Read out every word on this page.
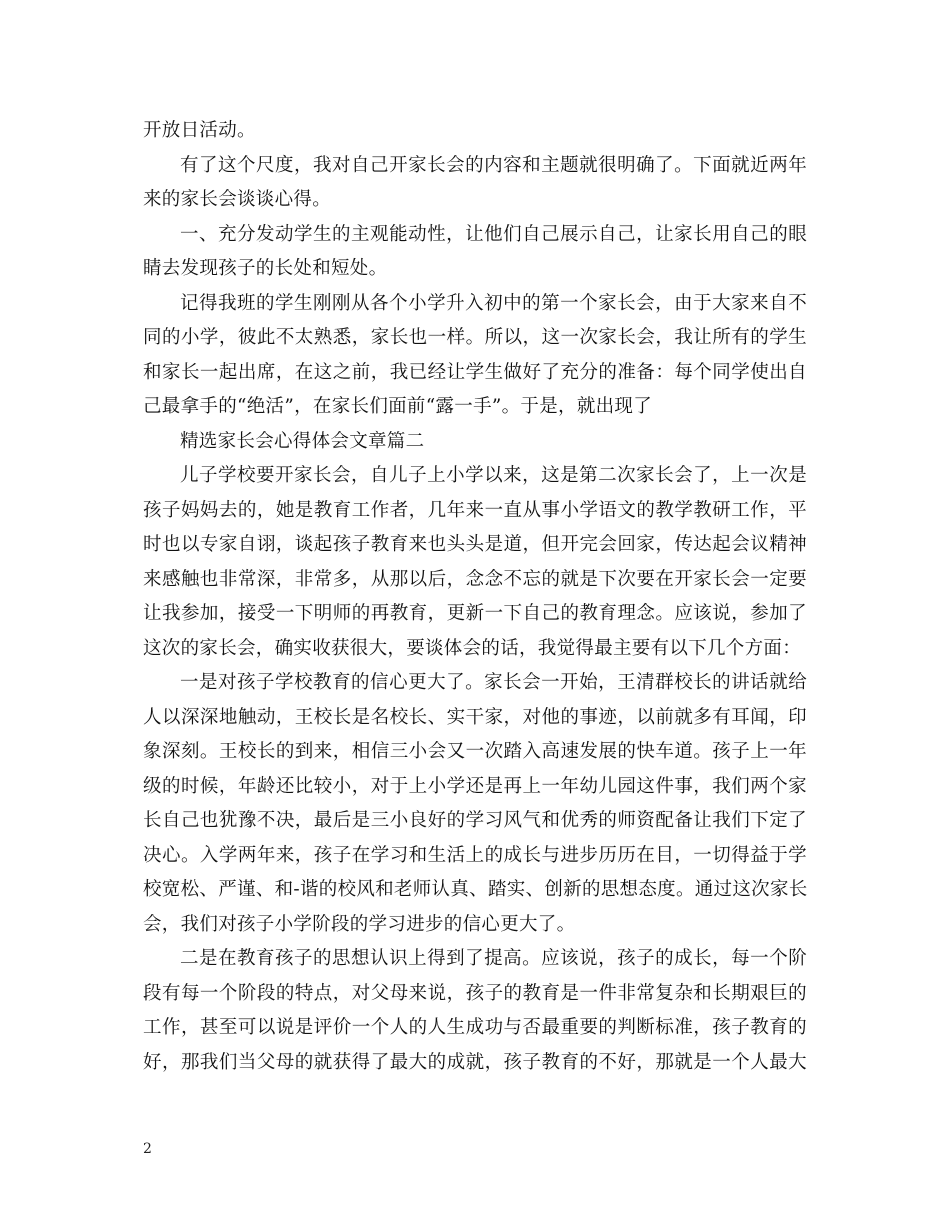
开放日活动。
有了这个尺度，我对自己开家长会的内容和主题就很明确了。下面就近两年
来的家长会谈谈心得。
一、充分发动学生的主观能动性，让他们自己展示自己，让家长用自己的眼
睛去发现孩子的长处和短处。
记得我班的学生刚刚从各个小学升入初中的第一个家长会，由于大家来自不
同的小学，彼此不太熟悉，家长也一样。所以，这一次家长会，我让所有的学生
和家长一起出席，在这之前，我已经让学生做好了充分的准备：每个同学使出自
己最拿手的“绝活”，在家长们面前“露一手”。于是，就出现了
精选家长会心得体会文章篇二
儿子学校要开家长会，自儿子上小学以来，这是第二次家长会了，上一次是
孩子妈妈去的，她是教育工作者，几年来一直从事小学语文的教学教研工作，平
时也以专家自诩，谈起孩子教育来也头头是道，但开完会回家，传达起会议精神
来感触也非常深，非常多，从那以后，念念不忘的就是下次要在开家长会一定要
让我参加，接受一下明师的再教育，更新一下自己的教育理念。应该说，参加了
这次的家长会，确实收获很大，要谈体会的话，我觉得最主要有以下几个方面：
一是对孩子学校教育的信心更大了。家长会一开始，王清群校长的讲话就给
人以深深地触动，王校长是名校长、实干家，对他的事迹，以前就多有耳闻，印
象深刻。王校长的到来，相信三小会又一次踏入高速发展的快车道。孩子上一年
级的时候，年龄还比较小，对于上小学还是再上一年幼儿园这件事，我们两个家
长自己也犹豫不决，最后是三小良好的学习风气和优秀的师资配备让我们下定了
决心。入学两年来，孩子在学习和生活上的成长与进步历历在目，一切得益于学
校宽松、严谨、和-谐的校风和老师认真、踏实、创新的思想态度。通过这次家长
会，我们对孩子小学阶段的学习进步的信心更大了。
二是在教育孩子的思想认识上得到了提高。应该说，孩子的成长，每一个阶
段有每一个阶段的特点，对父母来说，孩子的教育是一件非常复杂和长期艰巨的
工作，甚至可以说是评价一个人的人生成功与否最重要的判断标准，孩子教育的
好，那我们当父母的就获得了最大的成就，孩子教育的不好，那就是一个人最大
2
